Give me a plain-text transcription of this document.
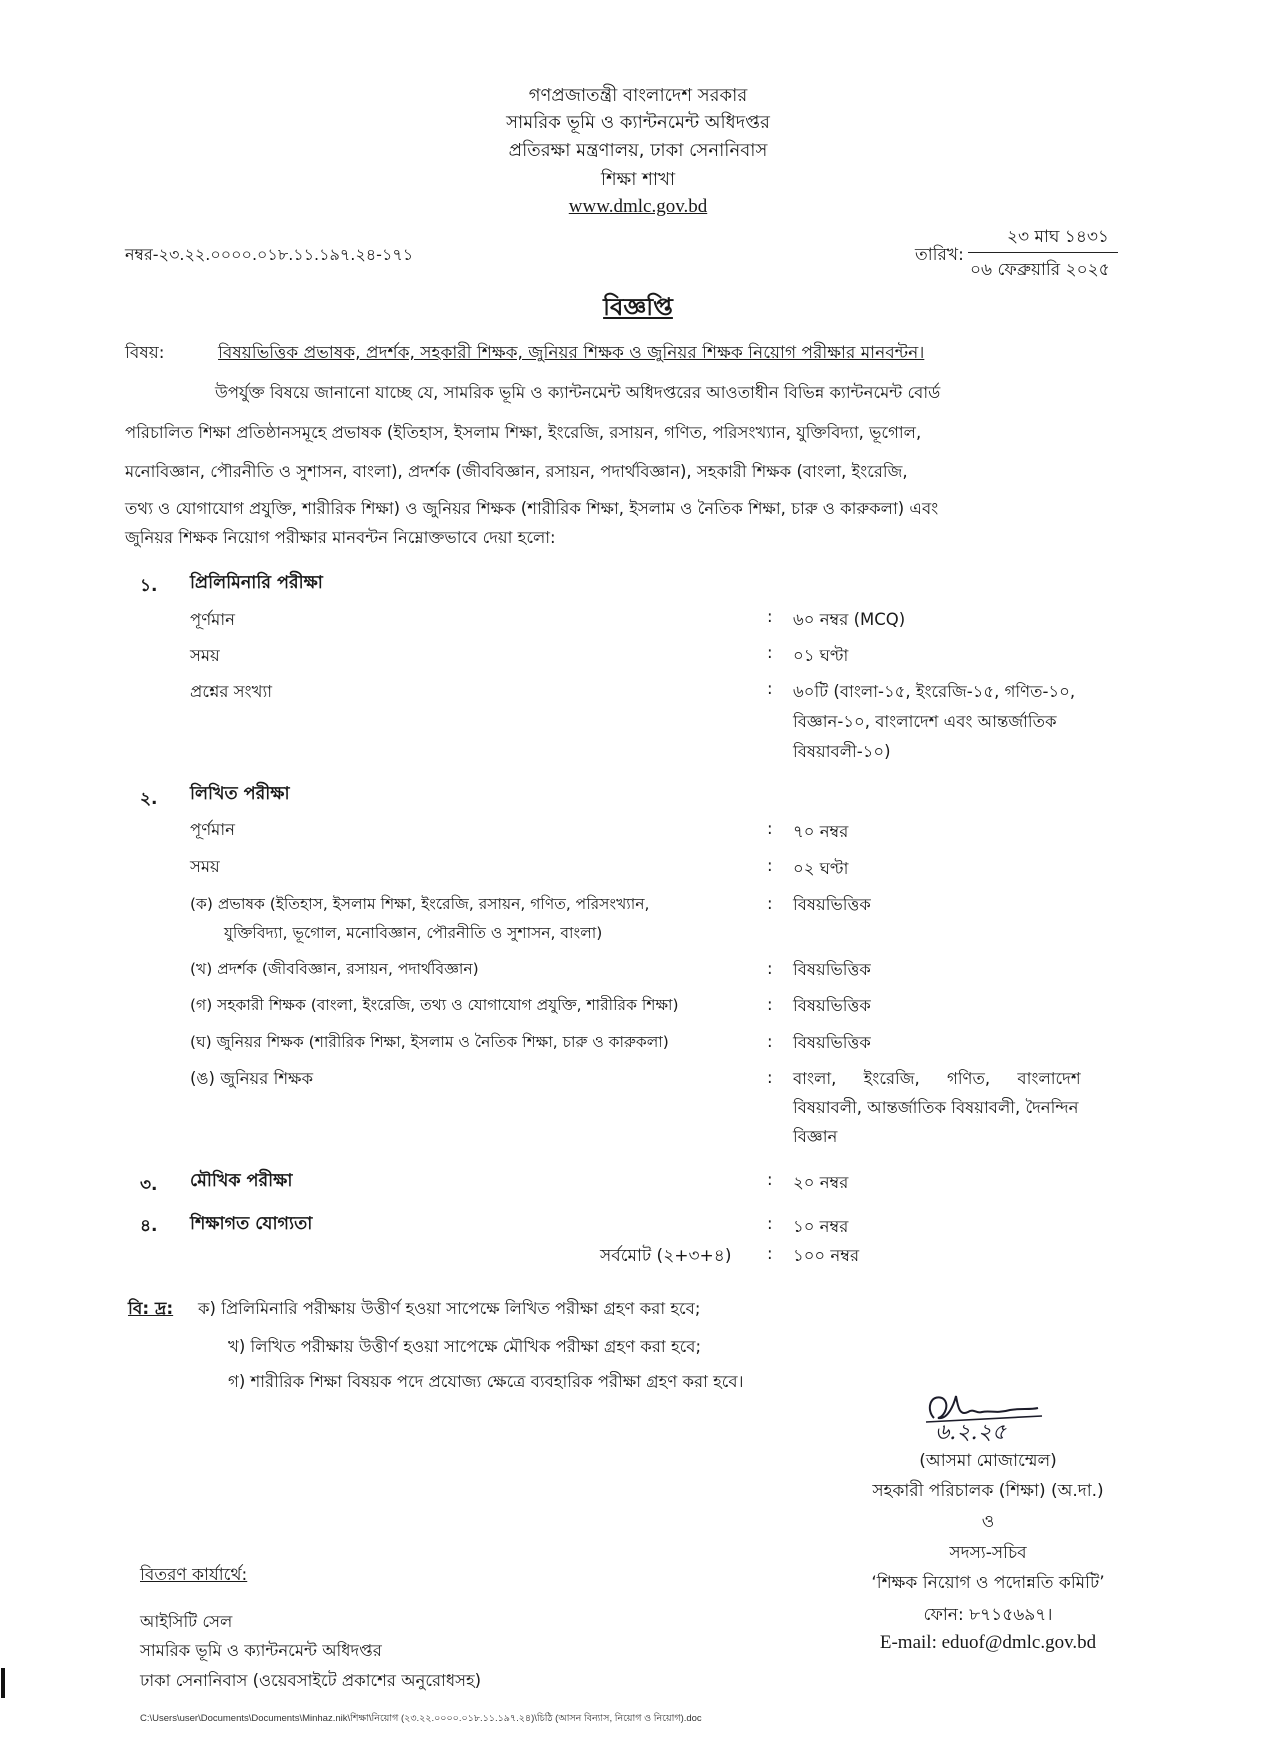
গণপ্রজাতন্ত্রী বাংলাদেশ সরকার
সামরিক ভূমি ও ক্যান্টনমেন্ট অধিদপ্তর
প্রতিরক্ষা মন্ত্রণালয়, ঢাকা সেনানিবাস
শিক্ষা শাখা
www.dmlc.gov.bd
নম্বর-২৩.২২.০০০০.০১৮.১১.১৯৭.২৪-১৭১	তারিখ:
২৩ মাঘ ১৪৩১
০৬ ফেব্রুয়ারি ২০২৫
বিজ্ঞপ্তি
বিষয়:	বিষয়ভিত্তিক প্রভাষক, প্রদর্শক, সহকারী শিক্ষক, জুনিয়র শিক্ষক ও জুনিয়র শিক্ষক নিয়োগ পরীক্ষার মানবন্টন।
উপর্যুক্ত বিষয়ে জানানো যাচ্ছে যে, সামরিক ভূমি ও ক্যান্টনমেন্ট অধিদপ্তরের আওতাধীন বিভিন্ন ক্যান্টনমেন্ট বোর্ড
পরিচালিত শিক্ষা প্রতিষ্ঠানসমূহে প্রভাষক (ইতিহাস, ইসলাম শিক্ষা, ইংরেজি, রসায়ন, গণিত, পরিসংখ্যান, যুক্তিবিদ্যা, ভূগোল,
মনোবিজ্ঞান, পৌরনীতি ও সুশাসন, বাংলা), প্রদর্শক (জীববিজ্ঞান, রসায়ন, পদার্থবিজ্ঞান), সহকারী শিক্ষক (বাংলা, ইংরেজি,
তথ্য ও যোগাযোগ প্রযুক্তি, শারীরিক শিক্ষা) ও জুনিয়র শিক্ষক (শারীরিক শিক্ষা, ইসলাম ও নৈতিক শিক্ষা, চারু ও কারুকলা) এবং
জুনিয়র শিক্ষক নিয়োগ পরীক্ষার মানবন্টন নিম্নোক্তভাবে দেয়া হলো:
১. প্রিলিমিনারি পরীক্ষা
পূর্ণমান	: ৬০ নম্বর (MCQ)
সময়	: ০১ ঘণ্টা
প্রশ্নের সংখ্যা	: ৬০টি (বাংলা-১৫, ইংরেজি-১৫, গণিত-১০,
বিজ্ঞান-১০, বাংলাদেশ এবং আন্তর্জাতিক
বিষয়াবলী-১০)
২. লিখিত পরীক্ষা
পূর্ণমান	: ৭০ নম্বর
সময়	: ০২ ঘণ্টা
(ক) প্রভাষক (ইতিহাস, ইসলাম শিক্ষা, ইংরেজি, রসায়ন, গণিত, পরিসংখ্যান,
যুক্তিবিদ্যা, ভূগোল, মনোবিজ্ঞান, পৌরনীতি ও সুশাসন, বাংলা)
: বিষয়ভিত্তিক
(খ) প্রদর্শক (জীববিজ্ঞান, রসায়ন, পদার্থবিজ্ঞান)	: বিষয়ভিত্তিক
(গ) সহকারী শিক্ষক (বাংলা, ইংরেজি, তথ্য ও যোগাযোগ প্রযুক্তি, শারীরিক শিক্ষা)	: বিষয়ভিত্তিক
(ঘ) জুনিয়র শিক্ষক (শারীরিক শিক্ষা, ইসলাম ও নৈতিক শিক্ষা, চারু ও কারুকলা)	: বিষয়ভিত্তিক
(ঙ) জুনিয়র শিক্ষক	: বাংলা, ইংরেজি, গণিত, বাংলাদেশ
বিষয়াবলী, আন্তর্জাতিক বিষয়াবলী, দৈনন্দিন
বিজ্ঞান
৩. মৌখিক পরীক্ষা	: ২০ নম্বর
৪. শিক্ষাগত যোগ্যতা	: ১০ নম্বর
সর্বমোট (২+৩+৪) : ১০০ নম্বর
বি: দ্র: ক) প্রিলিমিনারি পরীক্ষায় উত্তীর্ণ হওয়া সাপেক্ষে লিখিত পরীক্ষা গ্রহণ করা হবে;
খ) লিখিত পরীক্ষায় উত্তীর্ণ হওয়া সাপেক্ষে মৌখিক পরীক্ষা গ্রহণ করা হবে;
গ) শারীরিক শিক্ষা বিষয়ক পদে প্রযোজ্য ক্ষেত্রে ব্যবহারিক পরীক্ষা গ্রহণ করা হবে।
৬.২.২৫
(আসমা মোজাম্মেল)
সহকারী পরিচালক (শিক্ষা) (অ.দা.)
ও
সদস্য-সচিব
‘শিক্ষক নিয়োগ ও পদোন্নতি কমিটি’
ফোন: ৮৭১৫৬৯৭।
E-mail: eduof@dmlc.gov.bd
বিতরণ কার্যার্থে:
আইসিটি সেল
সামরিক ভূমি ও ক্যান্টনমেন্ট অধিদপ্তর
ঢাকা সেনানিবাস (ওয়েবসাইটে প্রকাশের অনুরোধসহ)
C:\Users\user\Documents\Documents\Minhaz.nik\শিক্ষা\নিয়োগ (২৩.২২.০০০০.০১৮.১১.১৯৭.২৪)\চিঠি (আসন বিন্যাস, নিয়োগ ও নিয়োগ).doc
